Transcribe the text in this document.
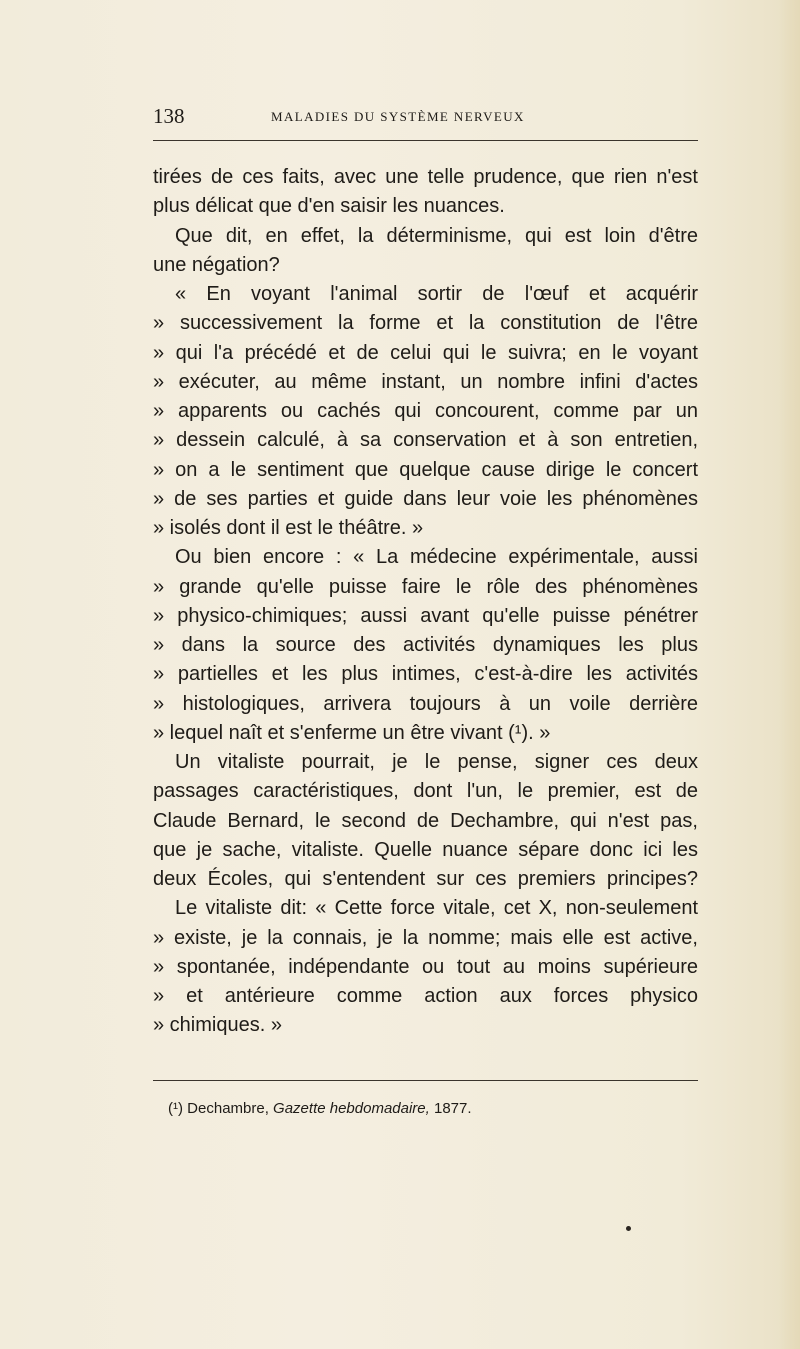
138	MALADIES DU SYSTÈME NERVEUX
tirées de ces faits, avec une telle prudence, que rien n'est
plus délicat que d'en saisir les nuances.
Que dit, en effet, la déterminisme, qui est loin d'être
une négation?
« En voyant l'animal sortir de l'œuf et acquérir
» successivement la forme et la constitution de l'être
» qui l'a précédé et de celui qui le suivra; en le voyant
» exécuter, au même instant, un nombre infini d'actes
» apparents ou cachés qui concourent, comme par un
» dessein calculé, à sa conservation et à son entretien,
» on a le sentiment que quelque cause dirige le concert
» de ses parties et guide dans leur voie les phénomènes
» isolés dont il est le théâtre. »
Ou bien encore : « La médecine expérimentale, aussi
» grande qu'elle puisse faire le rôle des phénomènes
» physico-chimiques; aussi avant qu'elle puisse pénétrer
» dans la source des activités dynamiques les plus
» partielles et les plus intimes, c'est-à-dire les activités
» histologiques, arrivera toujours à un voile derrière
» lequel naît et s'enferme un être vivant (¹). »
Un vitaliste pourrait, je le pense, signer ces deux
passages caractéristiques, dont l'un, le premier, est de
Claude Bernard, le second de Dechambre, qui n'est pas,
que je sache, vitaliste. Quelle nuance sépare donc ici les
deux Écoles, qui s'entendent sur ces premiers principes?
Le vitaliste dit: « Cette force vitale, cet X, non-seulement
» existe, je la connais, je la nomme; mais elle est active,
» spontanée, indépendante ou tout au moins supérieure
» et antérieure comme action aux forces physico
» chimiques. »
(¹) Dechambre, Gazette hebdomadaire, 1877.
